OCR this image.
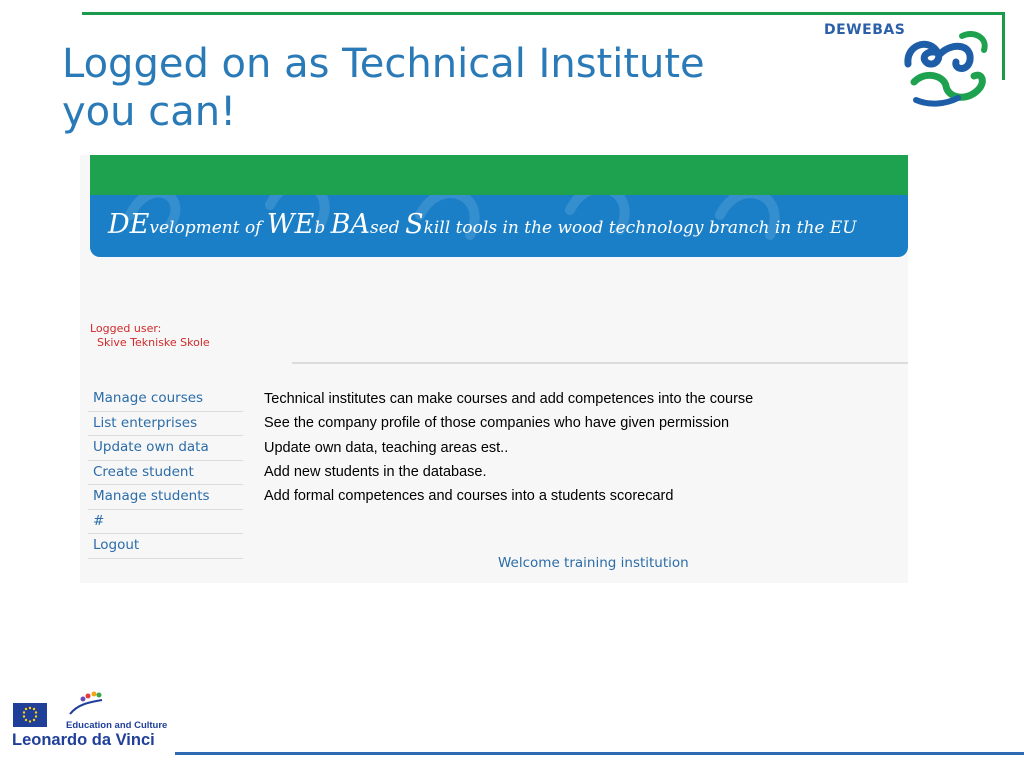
Logged on as Technical Institute
you can!
DEWEBAS
DEvelopment of WEb BAsed Skill tools in the wood technology branch in the EU
Logged user:
Skive Tekniske Skole
Manage courses
List enterprises
Update own data
Create student
Manage students
#
Logout
Technical institutes can make courses and add competences into the course
See the company profile of those companies who have given permission
Update own data, teaching areas est..
Add new students in the database.
Add formal competences and courses into a students scorecard
Welcome training institution
Education and Culture
Leonardo da Vinci
